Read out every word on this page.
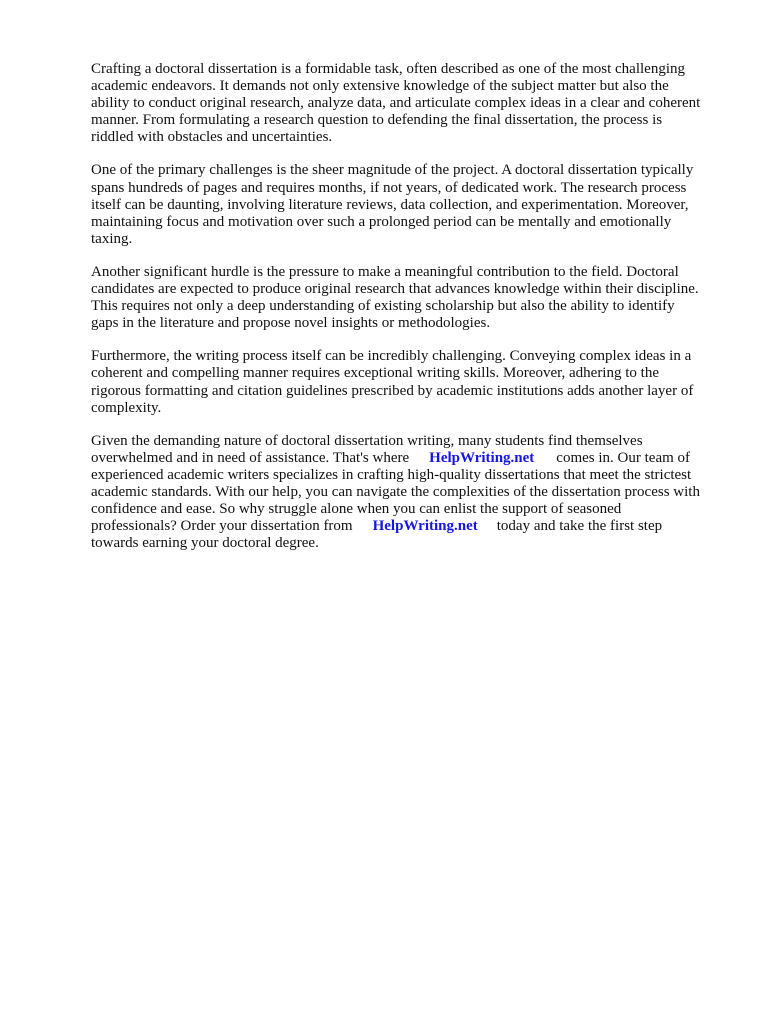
Crafting a doctoral dissertation is a formidable task, often described as one of the most challenging
academic endeavors. It demands not only extensive knowledge of the subject matter but also the
ability to conduct original research, analyze data, and articulate complex ideas in a clear and coherent
manner. From formulating a research question to defending the final dissertation, the process is
riddled with obstacles and uncertainties.

One of the primary challenges is the sheer magnitude of the project. A doctoral dissertation typically
spans hundreds of pages and requires months, if not years, of dedicated work. The research process
itself can be daunting, involving literature reviews, data collection, and experimentation. Moreover,
maintaining focus and motivation over such a prolonged period can be mentally and emotionally
taxing.

Another significant hurdle is the pressure to make a meaningful contribution to the field. Doctoral
candidates are expected to produce original research that advances knowledge within their discipline.
This requires not only a deep understanding of existing scholarship but also the ability to identify
gaps in the literature and propose novel insights or methodologies.

Furthermore, the writing process itself can be incredibly challenging. Conveying complex ideas in a
coherent and compelling manner requires exceptional writing skills. Moreover, adhering to the
rigorous formatting and citation guidelines prescribed by academic institutions adds another layer of
complexity.

Given the demanding nature of doctoral dissertation writing, many students find themselves
overwhelmed and in need of assistance. That's where HelpWriting.net comes in. Our team of
experienced academic writers specializes in crafting high-quality dissertations that meet the strictest
academic standards. With our help, you can navigate the complexities of the dissertation process with
confidence and ease. So why struggle alone when you can enlist the support of seasoned
professionals? Order your dissertation from HelpWriting.net today and take the first step
towards earning your doctoral degree.
